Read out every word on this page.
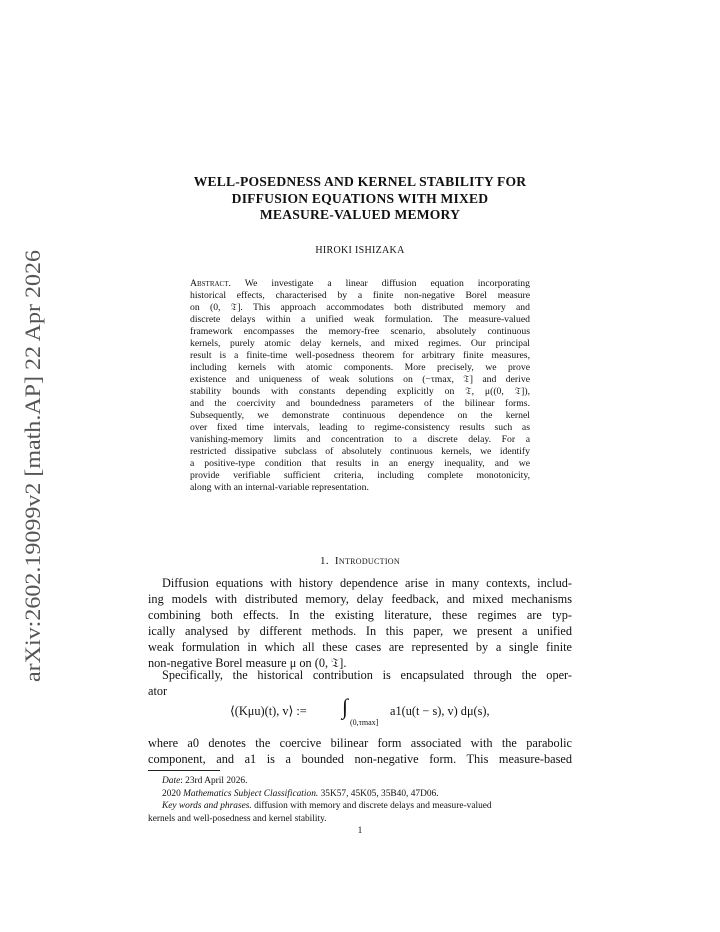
arXiv:2602.19099v2 [math.AP] 22 Apr 2026
WELL-POSEDNESS AND KERNEL STABILITY FOR
DIFFUSION EQUATIONS WITH MIXED
MEASURE-VALUED MEMORY
HIROKI ISHIZAKA
Abstract. We investigate a linear diffusion equation incorporating
historical effects, characterised by a finite non-negative Borel measure
on (0, 𝔗]. This approach accommodates both distributed memory and
discrete delays within a unified weak formulation. The measure-valued
framework encompasses the memory-free scenario, absolutely continuous
kernels, purely atomic delay kernels, and mixed regimes. Our principal
result is a finite-time well-posedness theorem for arbitrary finite measures,
including kernels with atomic components. More precisely, we prove
existence and uniqueness of weak solutions on (−τmax, 𝔗] and derive
stability bounds with constants depending explicitly on 𝔗, μ((0, 𝔗]),
and the coercivity and boundedness parameters of the bilinear forms.
Subsequently, we demonstrate continuous dependence on the kernel
over fixed time intervals, leading to regime-consistency results such as
vanishing-memory limits and concentration to a discrete delay. For a
restricted dissipative subclass of absolutely continuous kernels, we identify
a positive-type condition that results in an energy inequality, and we
provide verifiable sufficient criteria, including complete monotonicity,
along with an internal-variable representation.
1. Introduction
Diffusion equations with history dependence arise in many contexts, includ-
ing models with distributed memory, delay feedback, and mixed mechanisms
combining both effects. In the existing literature, these regimes are typ-
ically analysed by different methods. In this paper, we present a unified
weak formulation in which all these cases are represented by a single finite
non-negative Borel measure μ on (0, 𝔗].
Specifically, the historical contribution is encapsulated through the oper-
ator
⟨(Kμu)(t), v⟩ := ∫
(0,τmax]
a1(u(t − s), v) dμ(s),
where a0 denotes the coercive bilinear form associated with the parabolic
component, and a1 is a bounded non-negative form. This measure-based
Date: 23rd April 2026.
2020 Mathematics Subject Classification. 35K57, 45K05, 35B40, 47D06.
Key words and phrases. diffusion with memory and discrete delays and measure-valued
kernels and well-posedness and kernel stability.
1
